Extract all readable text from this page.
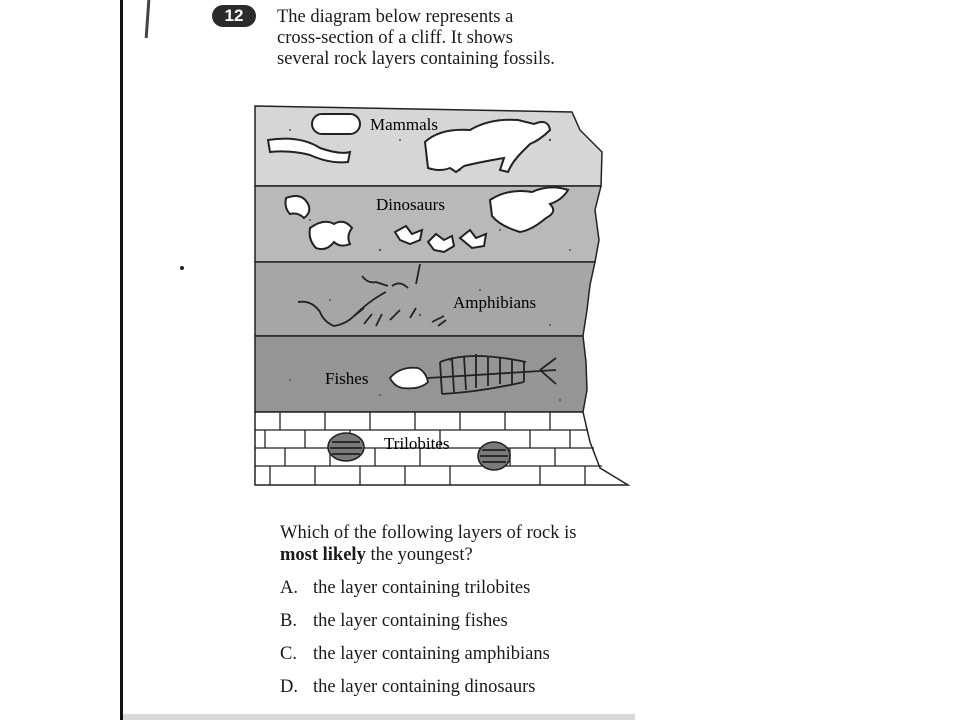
12	The diagram below represents a
cross-section of a cliff. It shows
several rock layers containing fossils.
Mammals
Dinosaurs
Amphibians
Fishes
Trilobites
Which of the following layers of rock is
most likely the youngest?
A. the layer containing trilobites
B. the layer containing fishes
C. the layer containing amphibians
D. the layer containing dinosaurs
